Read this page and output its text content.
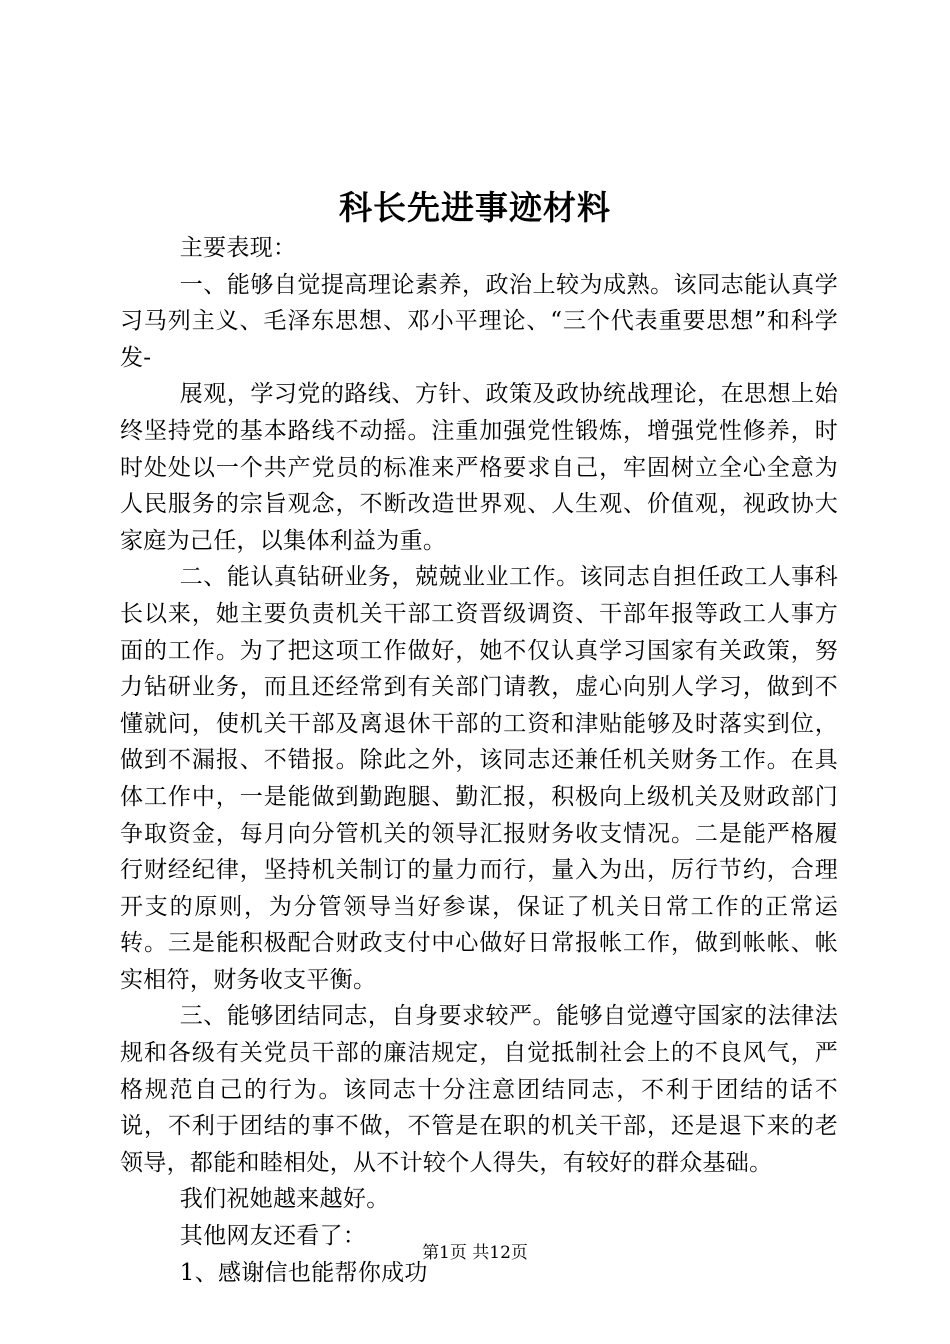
科长先进事迹材料

主要表现：

一、能够自觉提高理论素养，政治上较为成熟。该同志能认真学习马列主义、毛泽东思想、邓小平理论、“三个代表重要思想”和科学发-

展观，学习党的路线、方针、政策及政协统战理论，在思想上始终坚持党的基本路线不动摇。注重加强党性锻炼，增强党性修养，时时处处以一个共产党员的标准来严格要求自己，牢固树立全心全意为人民服务的宗旨观念，不断改造世界观、人生观、价值观，视政协大家庭为己任，以集体利益为重。

二、能认真钻研业务，兢兢业业工作。该同志自担任政工人事科长以来，她主要负责机关干部工资晋级调资、干部年报等政工人事方面的工作。为了把这项工作做好，她不仅认真学习国家有关政策，努力钻研业务，而且还经常到有关部门请教，虚心向别人学习，做到不懂就问，使机关干部及离退休干部的工资和津贴能够及时落实到位，做到不漏报、不错报。除此之外，该同志还兼任机关财务工作。在具体工作中，一是能做到勤跑腿、勤汇报，积极向上级机关及财政部门争取资金，每月向分管机关的领导汇报财务收支情况。二是能严格履行财经纪律，坚持机关制订的量力而行，量入为出，厉行节约，合理开支的原则，为分管领导当好参谋，保证了机关日常工作的正常运转。三是能积极配合财政支付中心做好日常报帐工作，做到帐帐、帐实相符，财务收支平衡。

三、能够团结同志，自身要求较严。能够自觉遵守国家的法律法规和各级有关党员干部的廉洁规定，自觉抵制社会上的不良风气，严格规范自己的行为。该同志十分注意团结同志，不利于团结的话不说，不利于团结的事不做，不管是在职的机关干部，还是退下来的老领导，都能和睦相处，从不计较个人得失，有较好的群众基础。

我们祝她越来越好。

其他网友还看了：

1、感谢信也能帮你成功

第1页 共12页
